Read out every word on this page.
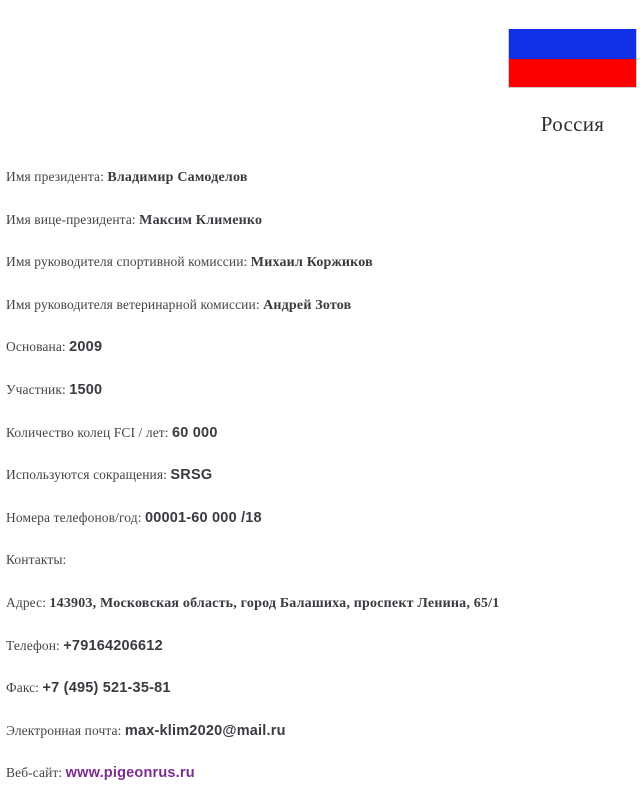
Россия
Имя президента: Владимир Самоделов
Имя вице-президента: Максим Клименко
Имя руководителя спортивной комиссии: Михаил Коржиков
Имя руководителя ветеринарной комиссии: Андрей Зотов
Основана: 2009
Участник: 1500
Количество колец FCI / лет: 60 000
Используются сокращения: SRSG
Номера телефонов/год: 00001-60 000 /18
Контакты:
Адрес: 143903, Московская область, город Балашиха, проспект Ленина, 65/1
Телефон: +79164206612
Факс: +7 (495) 521-35-81
Электронная почта: max-klim2020@mail.ru
Веб-сайт: www.pigeonrus.ru
